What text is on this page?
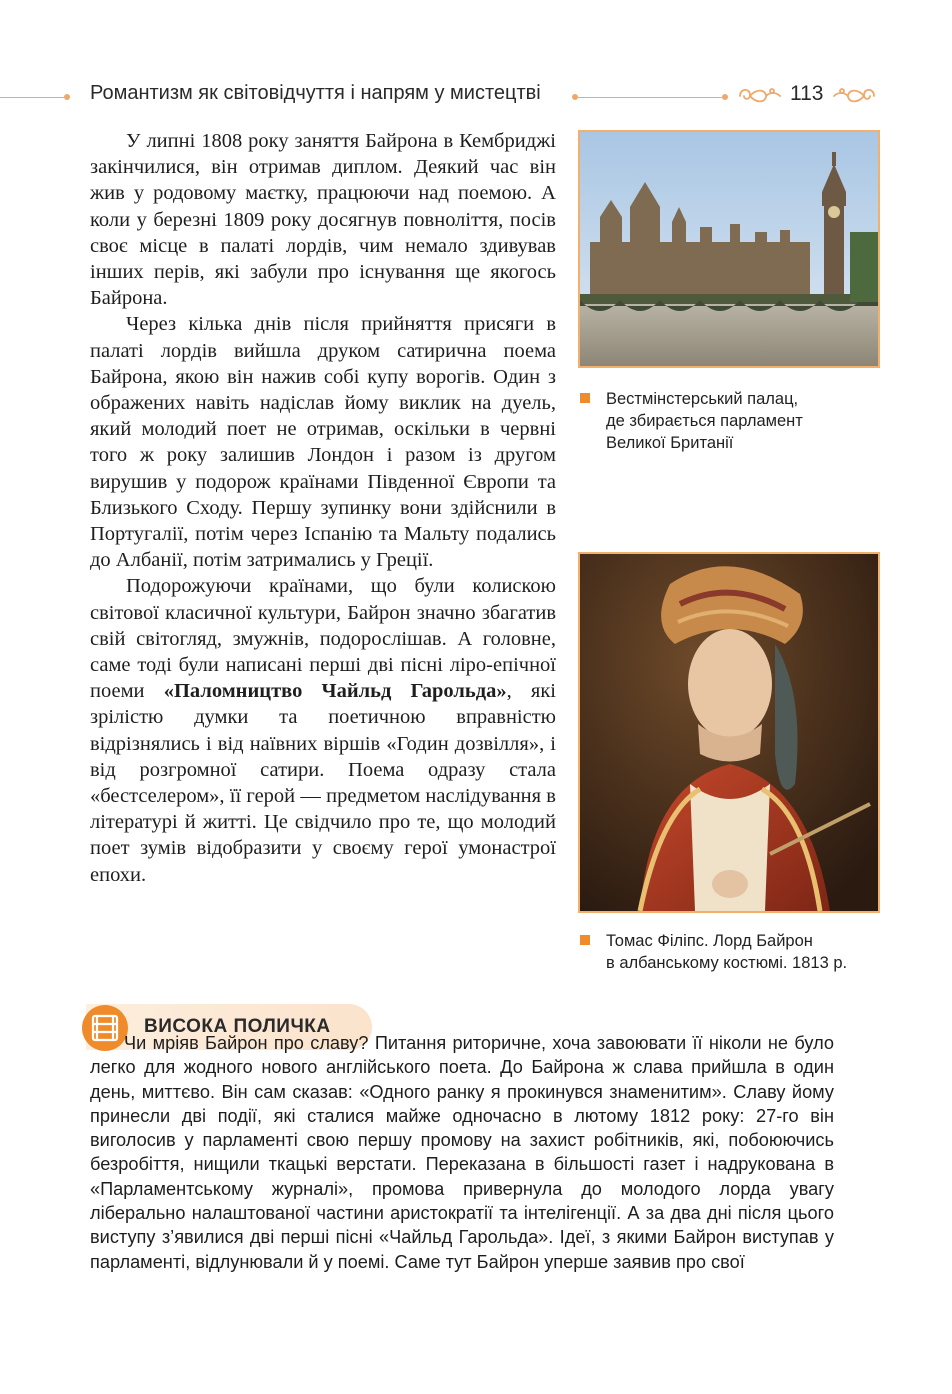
Романтизм як світовідчуття і напрям у мистецтві	113

У липні 1808 року заняття Байрона в Кембриджі закінчилися, він отримав диплом. Деякий час він жив у родовому маєтку, працюючи над поемою. А коли у березні 1809 року досягнув повноліття, посів своє місце в палаті лордів, чим немало здивував інших перів, які забули про існування ще якогось Байрона.

Через кілька днів після прийняття присяги в палаті лордів вийшла друком сатирична поема Байрона, якою він нажив собі купу ворогів. Один з ображених навіть надіслав йому виклик на дуель, який молодий поет не отримав, оскільки в червні того ж року залишив Лондон і разом із другом вирушив у подорож країнами Південної Європи та Близького Сходу. Першу зупинку вони здійснили в Португалії, потім через Іспанію та Мальту подались до Албанії, потім затримались у Греції.

Подорожуючи країнами, що були колискою світової класичної культури, Байрон значно збагатив свій світогляд, змужнів, подорослішав. А головне, саме тоді були написані перші дві пісні ліро-епічної поеми «Паломництво Чайльд Гарольда», які зрілістю думки та поетичною вправністю відрізнялись і від наївних віршів «Годин дозвілля», і від розгромної сатири. Поема одразу стала «бестселером», її герой — предметом наслідування в літературі й житті. Це свідчило про те, що молодий поет зумів відобразити у своєму герої умонастрої епохи.

Вестмінстерський палац,
де збирається парламент
Великої Британії
Томас Філіпс. Лорд Байрон
в албанському костюмі. 1813 р.
ВИСОКА ПОЛИЧКА

Чи мріяв Байрон про славу? Питання риторичне, хоча завоювати її ніколи не було легко для жодного нового англійського поета. До Байрона ж слава прийшла в один день, миттєво. Він сам сказав: «Одного ранку я прокинувся знаменитим». Славу йому принесли дві події, які сталися майже одночасно в лютому 1812 року: 27-го він виголосив у парламенті свою першу промову на захист робітників, які, побоюючись безробіття, нищили ткацькі верстати. Переказана в більшості газет і надрукована в «Парламентському журналі», промова привернула до молодого лорда увагу ліберально налаштованої частини аристократії та інтелігенції. А за два дні після цього виступу з’явилися дві перші пісні «Чайльд Гарольда». Ідеї, з якими Байрон виступав у парламенті, відлунювали й у поемі. Саме тут Байрон уперше заявив про свої
